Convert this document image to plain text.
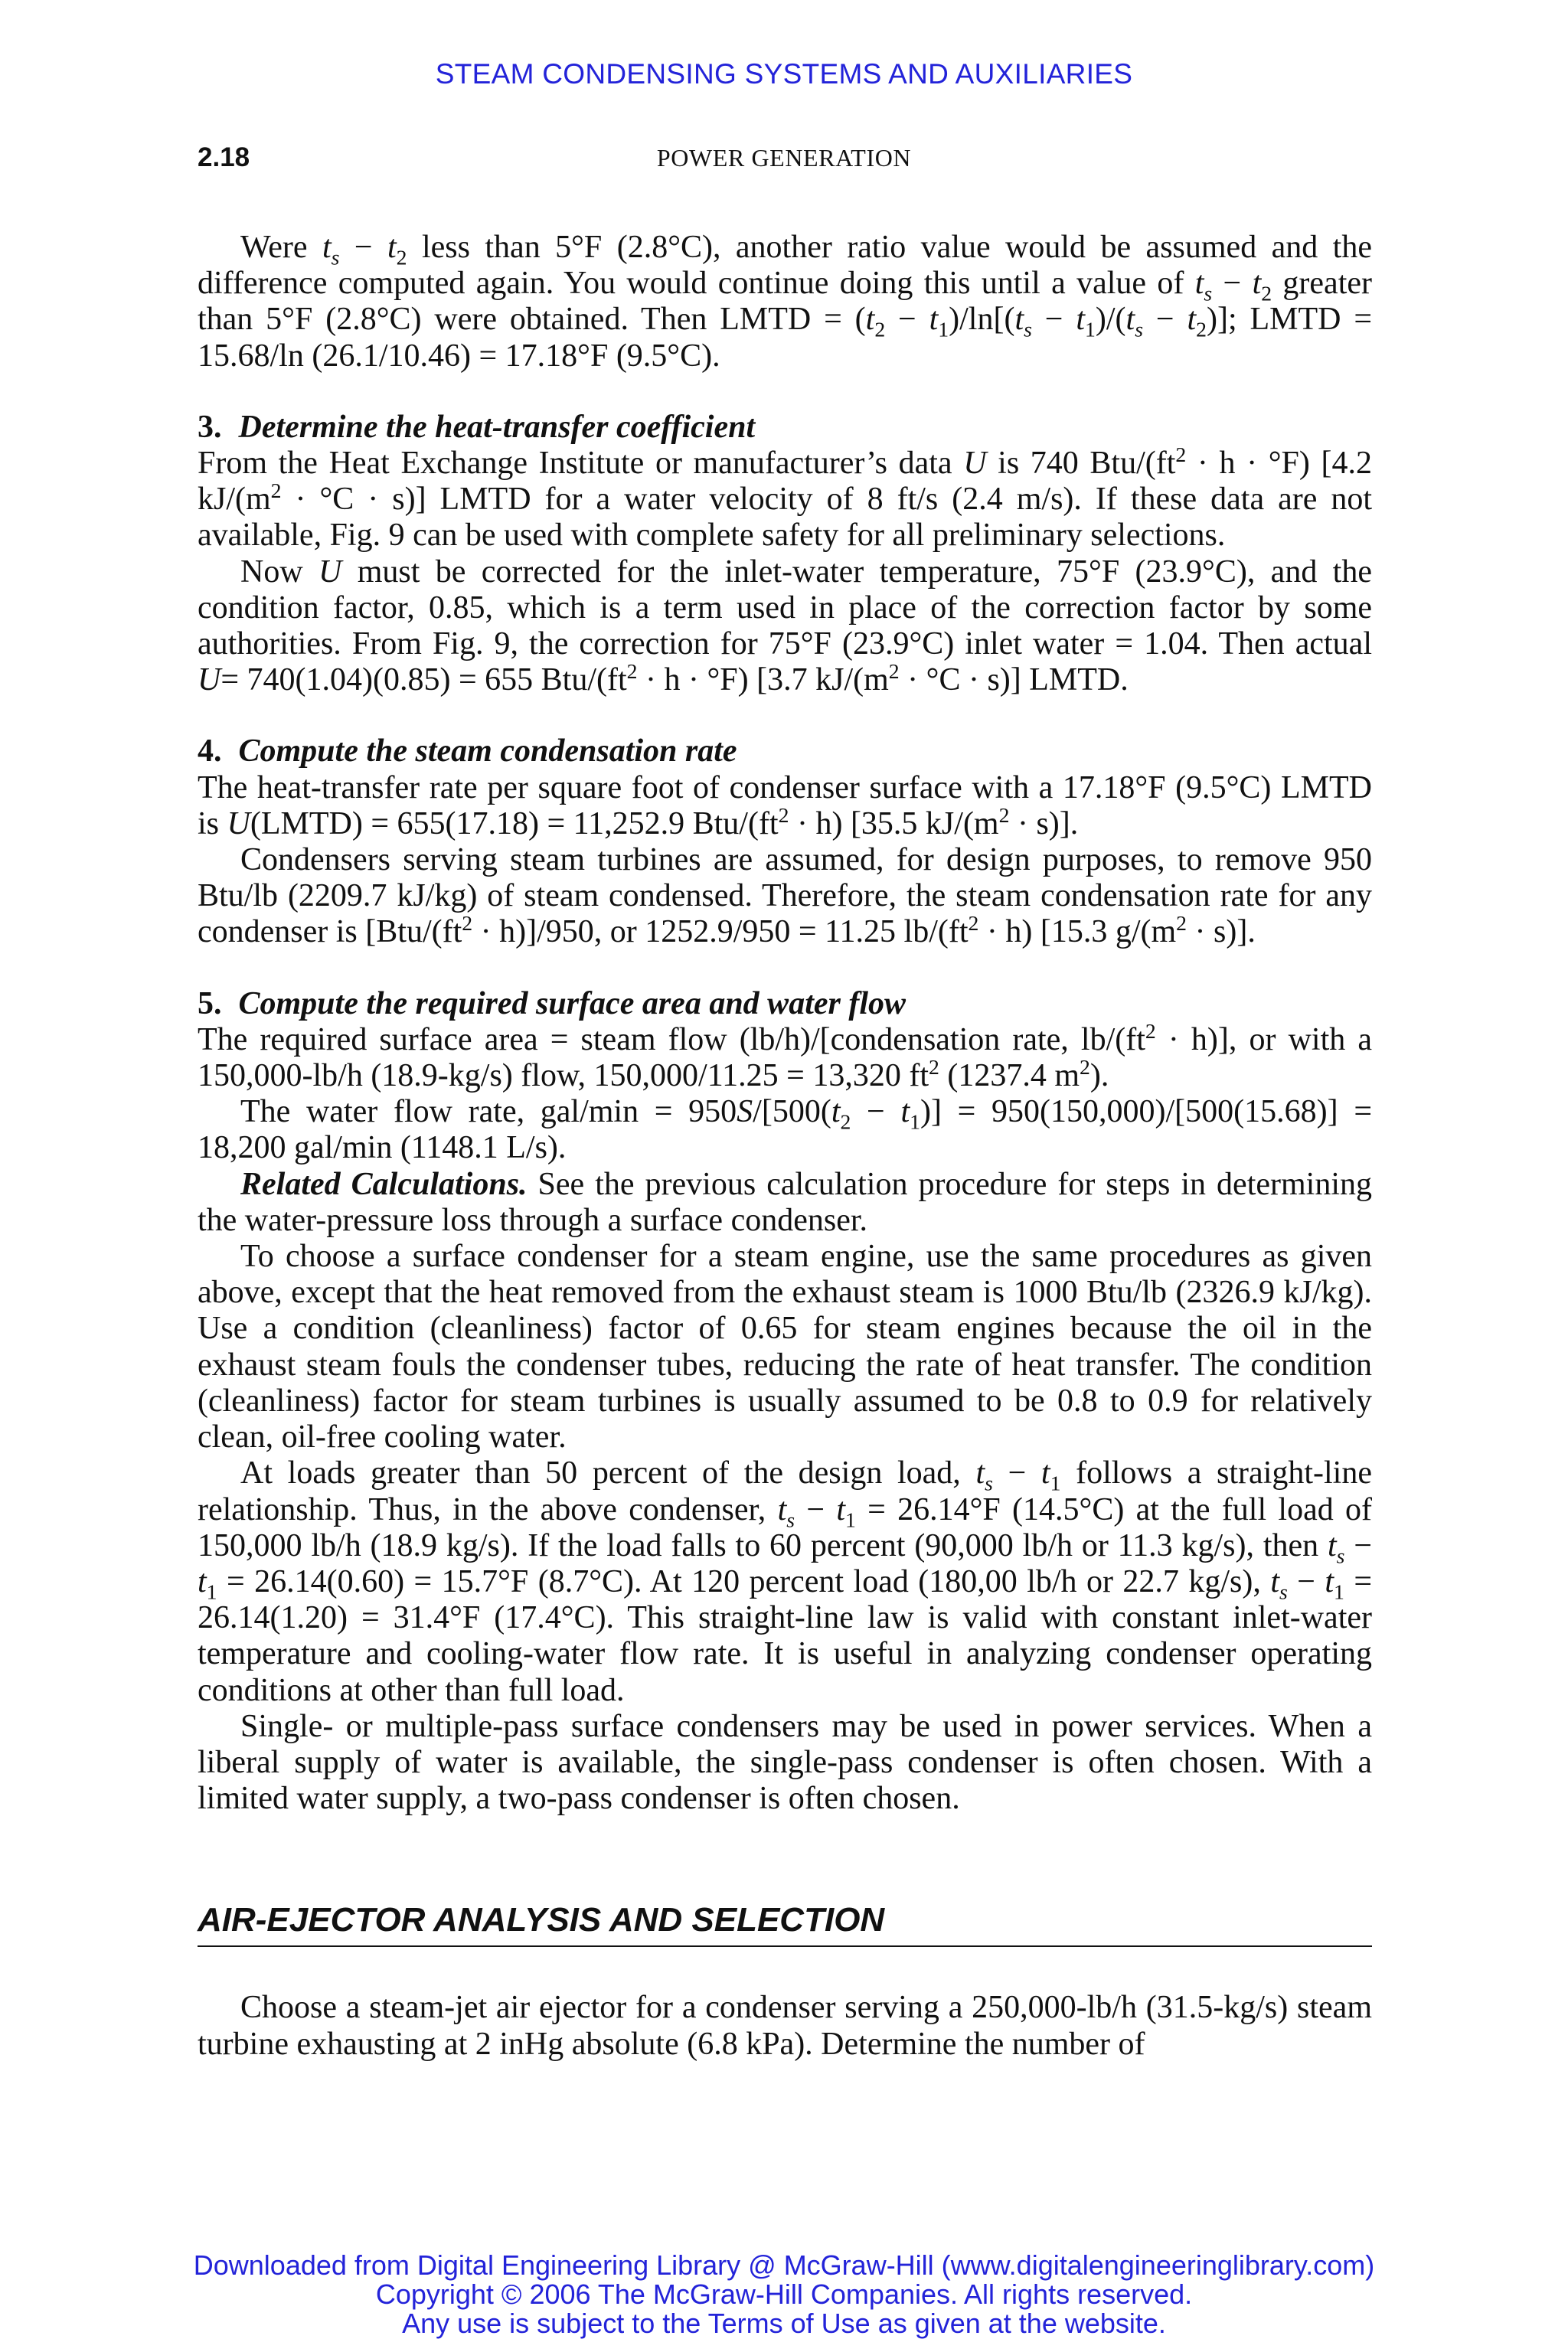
STEAM CONDENSING SYSTEMS AND AUXILIARIES
2.18	POWER GENERATION

Were $t_s - t_2$ less than 5°F (2.8°C), another ratio value would be assumed and the difference computed again. You would continue doing this until a value of $t_s - t_2$ greater than 5°F (2.8°C) were obtained. Then LMTD = $(t_2 - t_1)/\ln[(t_s - t_1)/(t_s - t_2)]$; LMTD = 15.68/ln (26.1/10.46) = 17.18°F (9.5°C).

3. Determine the heat-transfer coefficient

From the Heat Exchange Institute or manufacturer’s data U is 740 Btu/$(ft^2 \cdot h \cdot ^\circ F)$ [4.2 $kJ/(m^2 \cdot ^\circ C \cdot s)$] LMTD for a water velocity of 8 ft/s (2.4 m/s). If these data are not available, Fig. 9 can be used with complete safety for all preliminary selections.

Now U must be corrected for the inlet-water temperature, 75°F (23.9°C), and the condition factor, 0.85, which is a term used in place of the correction factor by some authorities. From Fig. 9, the correction for 75°F (23.9°C) inlet water = 1.04. Then actual U= 740(1.04)(0.85) = 655 Btu/$(ft^2 \cdot h \cdot ^\circ F)$ [3.7 $kJ/(m^2 \cdot ^\circ C \cdot s)$] LMTD.

4. Compute the steam condensation rate

The heat-transfer rate per square foot of condenser surface with a 17.18°F (9.5°C) LMTD is U(LMTD) = 655(17.18) = 11,252.9 Btu/$(ft^2 \cdot h)$ [35.5 $kJ/(m^2 \cdot s)$].

Condensers serving steam turbines are assumed, for design purposes, to remove 950 Btu/lb (2209.7 kJ/kg) of steam condensed. Therefore, the steam condensation rate for any condenser is $[Btu/(ft^2 \cdot h)]/950$, or 1252.9/950 = 11.25 $lb/(ft^2 \cdot h)$ [15.3 $g/(m^2 \cdot s)$].

5. Compute the required surface area and water flow

The required surface area = steam flow (lb/h)/[condensation rate, $lb/(ft^2 \cdot h)$], or with a 150,000-lb/h (18.9-kg/s) flow, 150,000/11.25 = 13,320 $ft^2$ (1237.4 $m^2$).

The water flow rate, $gal/\min = 950S/[500(t_2 - t_1)] = 950(150,000)/[500(15.68)] = 18,200$ gal/min (1148.1 L/s).

Related Calculations. See the previous calculation procedure for steps in determining the water-pressure loss through a surface condenser.

To choose a surface condenser for a steam engine, use the same procedures as given above, except that the heat removed from the exhaust steam is 1000 Btu/lb (2326.9 kJ/kg). Use a condition (cleanliness) factor of 0.65 for steam engines because the oil in the exhaust steam fouls the condenser tubes, reducing the rate of heat transfer. The condition (cleanliness) factor for steam turbines is usually assumed to be 0.8 to 0.9 for relatively clean, oil-free cooling water.

At loads greater than 50 percent of the design load, $t_s - t_1$ follows a straight-line relationship. Thus, in the above condenser, $t_s - t_1 = 26.14^\circ F$ (14.5°C) at the full load of 150,000 lb/h (18.9 kg/s). If the load falls to 60 percent (90,000 lb/h or 11.3 kg/s), then $t_s - t_1 = 26.14(0.60) = 15.7^\circ F$ (8.7°C). At 120 percent load (180,00 lb/h or 22.7 kg/s), $t_s - t_1 = 26.14(1.20) = 31.4^\circ F$ (17.4°C). This straight-line law is valid with constant inlet-water temperature and cooling-water flow rate. It is useful in analyzing condenser operating conditions at other than full load.

Single- or multiple-pass surface condensers may be used in power services. When a liberal supply of water is available, the single-pass condenser is often chosen. With a limited water supply, a two-pass condenser is often chosen.

AIR-EJECTOR ANALYSIS AND SELECTION

Choose a steam-jet air ejector for a condenser serving a 250,000-lb/h (31.5-kg/s) steam turbine exhausting at 2 inHg absolute (6.8 kPa). Determine the number of

Downloaded from Digital Engineering Library @ McGraw-Hill (www.digitalengineeringlibrary.com)
Copyright © 2006 The McGraw-Hill Companies. All rights reserved.
Any use is subject to the Terms of Use as given at the website.
